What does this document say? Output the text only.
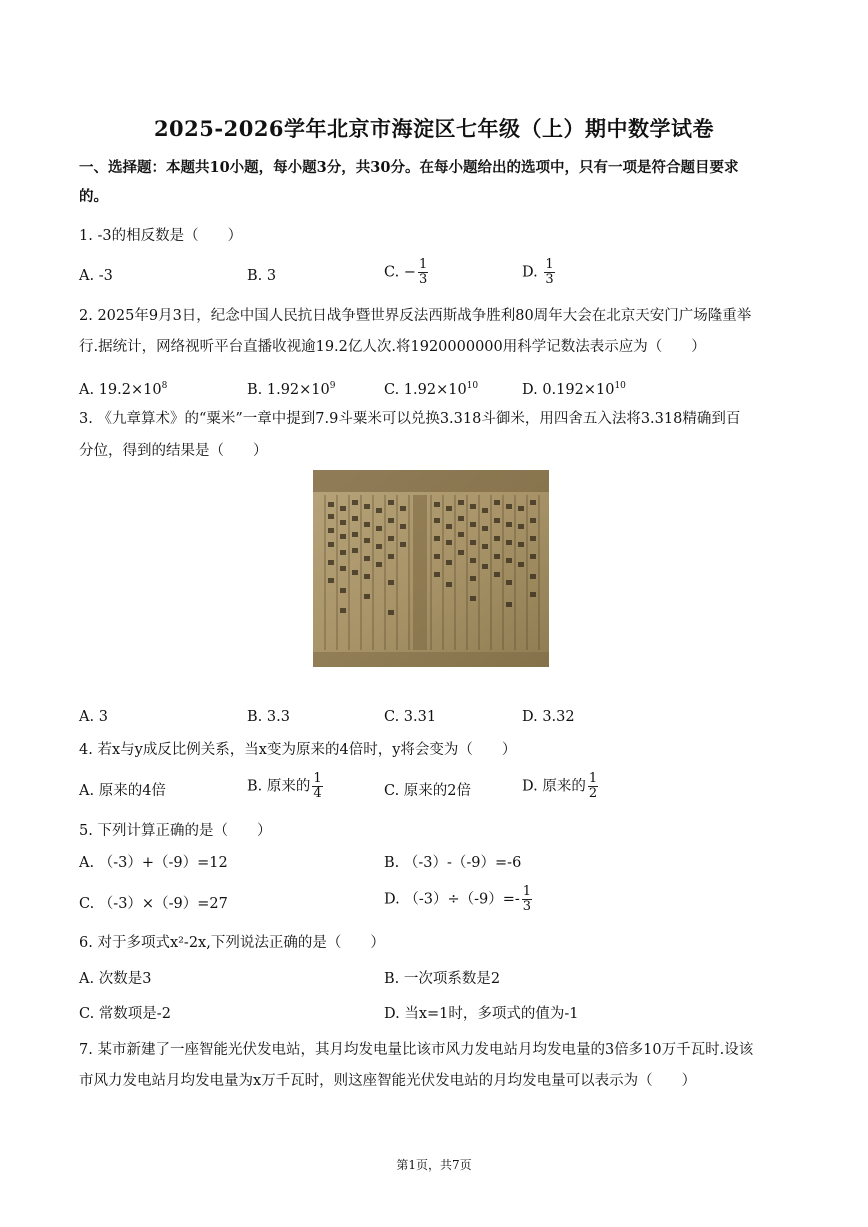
2025-2026学年北京市海淀区七年级（上）期中数学试卷
一、选择题：本题共10小题，每小题3分，共30分。在每小题给出的选项中，只有一项是符合题目要求
的。
1. -3的相反数是（　　）
A. -3	B. 3	C. − $\frac{1}{3}$	D. $\frac{1}{3}$
2. 2025年9月3日，纪念中国人民抗日战争暨世界反法西斯战争胜利80周年大会在北京天安门广场隆重举
行.据统计，网络视听平台直播收视逾19.2亿人次.将1920000000用科学记数法表示应为（　　）
A. $19.2\times 10^8$	B. $1.92\times 10^9$	C. $1.92\times 10^{10}$	D. $0.192\times 10^{10}$
3. 《九章算术》的“粟米”一章中提到7.9斗粟米可以兑换3.318斗御米，用四舍五入法将3.318精确到百
分位，得到的结果是（　　）
A. 3	B. 3.3	C. 3.31	D. 3.32
4. 若x与y成反比例关系，当x变为原来的4倍时，y将会变为（　　）
A. 原来的4倍	B. 原来的 $\frac{1}{4}$	C. 原来的2倍	D. 原来的 $\frac{1}{2}$
5. 下列计算正确的是（　　）
A. （-3）+（-9）=12	B. （-3）-（-9）=-6
C. （-3）×（-9）=27	D. $(-3)\div(-9)=- \frac{1}{3}$
6. 对于多项式x²-2x,下列说法正确的是（　　）
A. 次数是3	B. 一次项系数是2
C. 常数项是-2	D. 当x=1时，多项式的值为-1
7. 某市新建了一座智能光伏发电站，其月均发电量比该市风力发电站月均发电量的3倍多10万千瓦时.设该
市风力发电站月均发电量为x万千瓦时，则这座智能光伏发电站的月均发电量可以表示为（　　）
第1页，共7页
